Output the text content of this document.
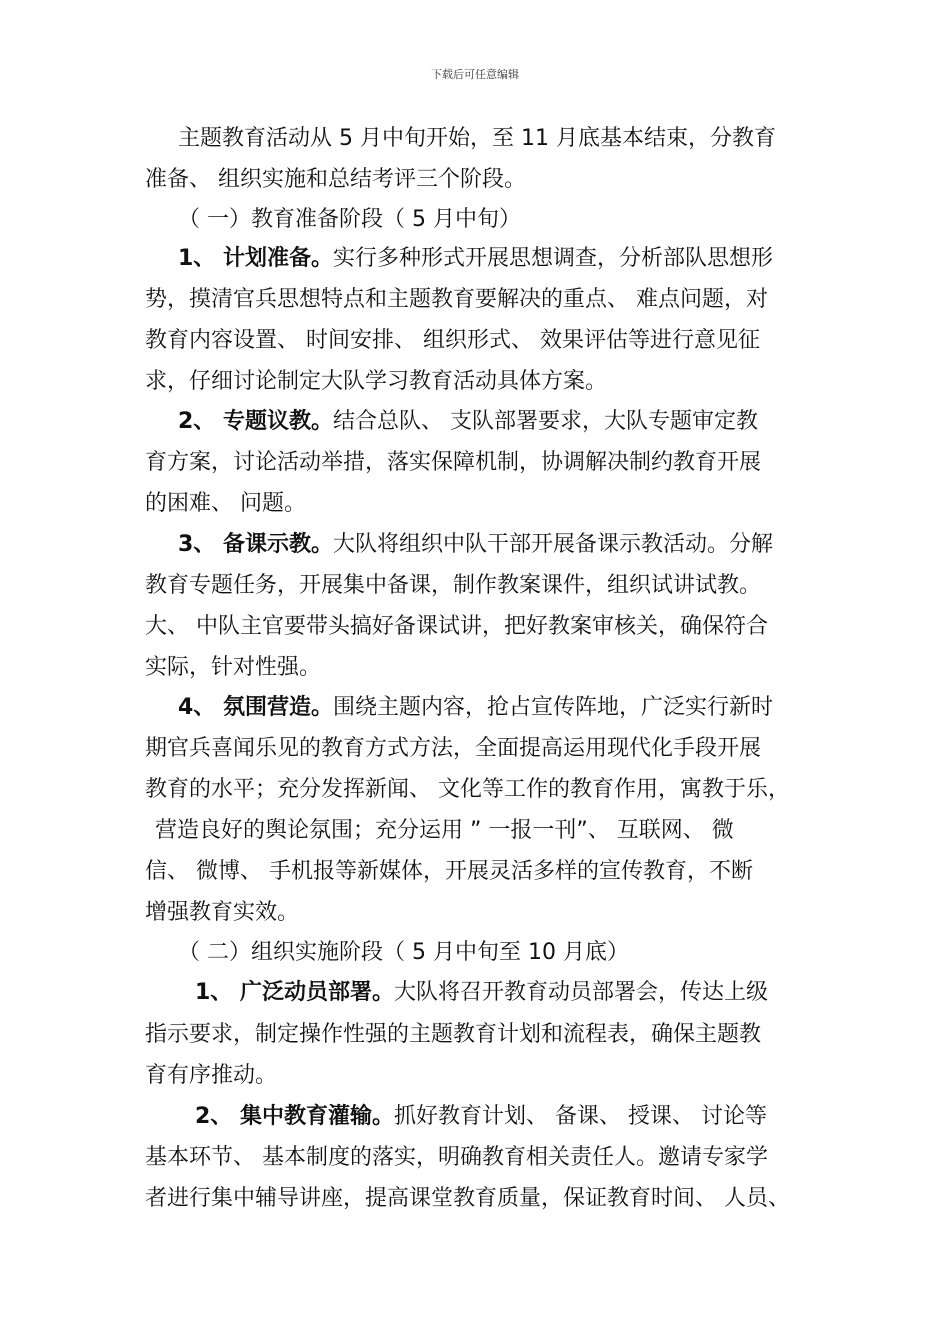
下载后可任意编辑
主题教育活动从 5 月中旬开始，至 11 月底基本结束，分教育
准备、 组织实施和总结考评三个阶段。
（ 一）教育准备阶段（ 5 月中旬）
1、 计划准备。实行多种形式开展思想调查，分析部队思想形
势，摸清官兵思想特点和主题教育要解决的重点、 难点问题，对
教育内容设置、 时间安排、 组织形式、 效果评估等进行意见征
求，仔细讨论制定大队学习教育活动具体方案。
2、 专题议教。结合总队、 支队部署要求，大队专题审定教
育方案，讨论活动举措，落实保障机制，协调解决制约教育开展
的困难、 问题。
3、 备课示教。大队将组织中队干部开展备课示教活动。分解
教育专题任务，开展集中备课，制作教案课件，组织试讲试教。
大、 中队主官要带头搞好备课试讲，把好教案审核关，确保符合
实际，针对性强。
4、 氛围营造。围绕主题内容，抢占宣传阵地，广泛实行新时
期官兵喜闻乐见的教育方式方法，全面提高运用现代化手段开展
教育的水平；充分发挥新闻、 文化等工作的教育作用，寓教于乐，
营造良好的舆论氛围；充分运用 ” 一报一刊”、 互联网、 微
信、 微博、 手机报等新媒体，开展灵活多样的宣传教育，不断
增强教育实效。
（ 二）组织实施阶段（ 5 月中旬至 10 月底）
1、 广泛动员部署。大队将召开教育动员部署会，传达上级
指示要求，制定操作性强的主题教育计划和流程表，确保主题教
育有序推动。
2、 集中教育灌输。抓好教育计划、 备课、 授课、 讨论等
基本环节、 基本制度的落实，明确教育相关责任人。邀请专家学
者进行集中辅导讲座，提高课堂教育质量，保证教育时间、 人员、
